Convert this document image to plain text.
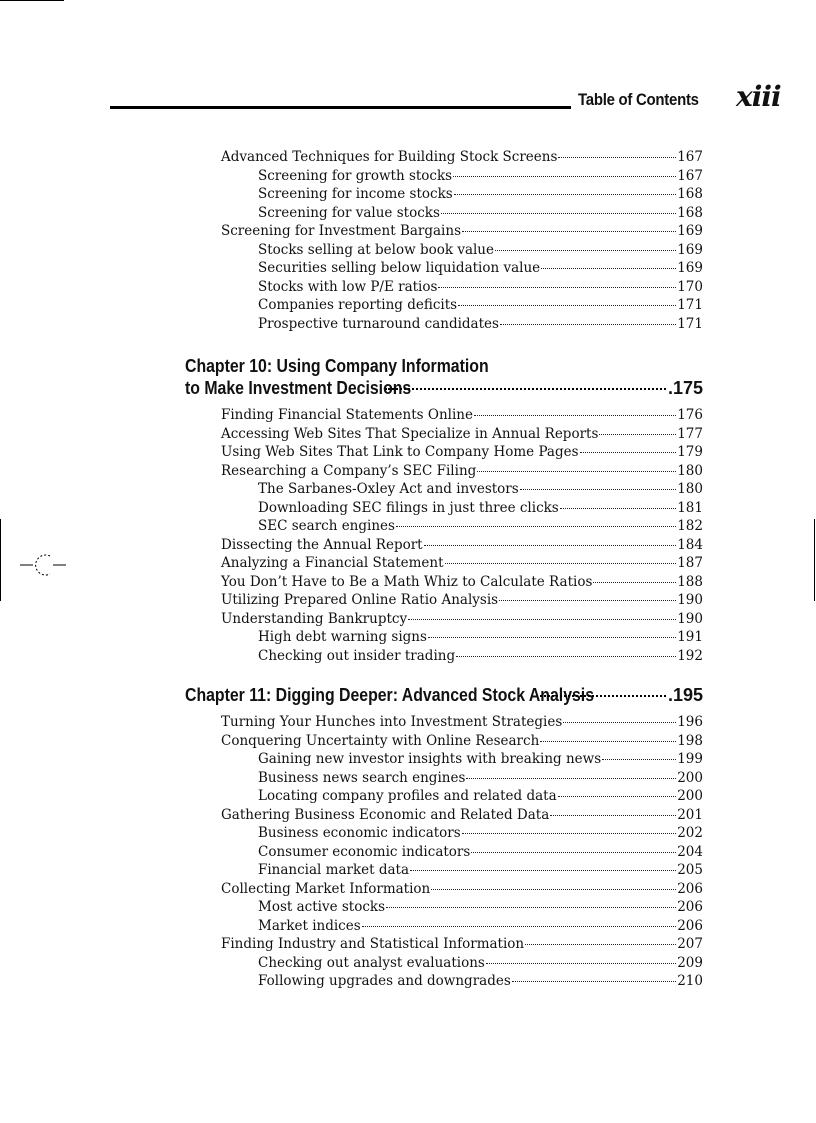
Table of Contents xiii
Advanced Techniques for Building Stock Screens	167
Screening for growth stocks	167
Screening for income stocks	168
Screening for value stocks	168
Screening for Investment Bargains	169
Stocks selling at below book value	169
Securities selling below liquidation value	169
Stocks with low P/E ratios	170
Companies reporting deficits	171
Prospective turnaround candidates	171
Chapter 10: Using Company Information
to Make Investment Decisions	.175
Finding Financial Statements Online	176
Accessing Web Sites That Specialize in Annual Reports	177
Using Web Sites That Link to Company Home Pages	179
Researching a Company’s SEC Filing	180
The Sarbanes-Oxley Act and investors	180
Downloading SEC filings in just three clicks	181
SEC search engines	182
Dissecting the Annual Report	184
Analyzing a Financial Statement	187
You Don’t Have to Be a Math Whiz to Calculate Ratios	188
Utilizing Prepared Online Ratio Analysis	190
Understanding Bankruptcy	190
High debt warning signs	191
Checking out insider trading	192
Chapter 11: Digging Deeper: Advanced Stock Analysis	.195
Turning Your Hunches into Investment Strategies	196
Conquering Uncertainty with Online Research	198
Gaining new investor insights with breaking news	199
Business news search engines	200
Locating company profiles and related data	200
Gathering Business Economic and Related Data	201
Business economic indicators	202
Consumer economic indicators	204
Financial market data	205
Collecting Market Information	206
Most active stocks	206
Market indices	206
Finding Industry and Statistical Information	207
Checking out analyst evaluations	209
Following upgrades and downgrades	210
